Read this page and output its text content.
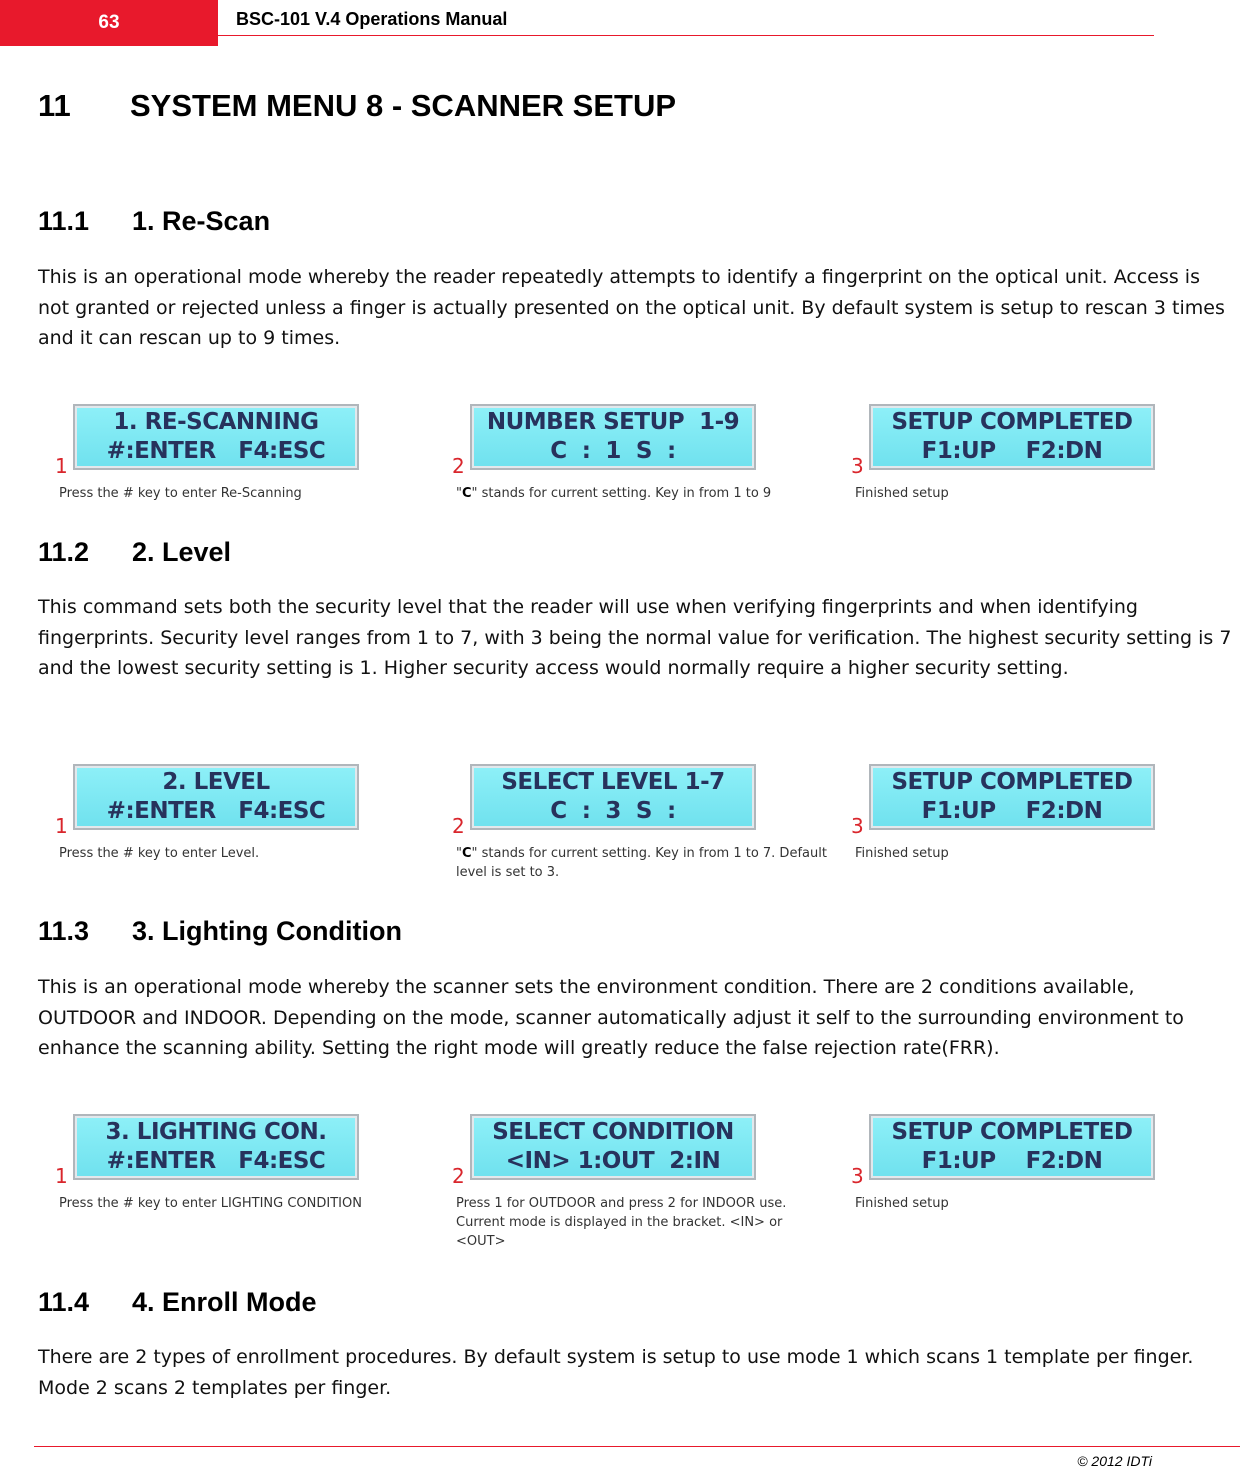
63	BSC-101 V.4 Operations Manual
11	SYSTEM MENU 8 - SCANNER SETUP
11.1	1. Re-Scan

This is an operational mode whereby the reader repeatedly attempts to identify a fingerprint on the optical unit. Access is not granted or rejected unless a finger is actually presented on the optical unit. By default system is setup to rescan 3 times and it can rescan up to 9 times.

1
1. RE-SCANNING
#:ENTER   F4:ESC
Press the # key to enter Re-Scanning
2
NUMBER SETUP  1-9
C  :  1  S  :
"C" stands for current setting. Key in from 1 to 9
3
SETUP COMPLETED
F1:UP    F2:DN
Finished setup
11.2	2. Level

This command sets both the security level that the reader will use when verifying fingerprints and when identifying fingerprints. Security level ranges from 1 to 7, with 3 being the normal value for verification. The highest security setting is 7 and the lowest security setting is 1. Higher security access would normally require a higher security setting.

1
2. LEVEL
#:ENTER   F4:ESC
Press the # key to enter Level.
2
SELECT LEVEL 1-7
C  :  3  S  :
"C" stands for current setting. Key in from 1 to 7. Default level is set to 3.
3
SETUP COMPLETED
F1:UP    F2:DN
Finished setup
11.3	3. Lighting Condition

This is an operational mode whereby the scanner sets the environment condition. There are 2 conditions available, OUTDOOR and INDOOR. Depending on the mode, scanner automatically adjust it self to the surrounding environment to enhance the scanning ability. Setting the right mode will greatly reduce the false rejection rate(FRR).

1
3. LIGHTING CON.
#:ENTER   F4:ESC
Press the # key to enter LIGHTING CONDITION
2
SELECT CONDITION
<IN> 1:OUT  2:IN
Press 1 for OUTDOOR and press 2 for INDOOR use. Current mode is displayed in the bracket. <IN> or <OUT>
3
SETUP COMPLETED
F1:UP    F2:DN
Finished setup
11.4	4. Enroll Mode

There are 2 types of enrollment procedures. By default system is setup to use mode 1 which scans 1 template per finger. Mode 2 scans 2 templates per finger.

© 2012 IDTi
